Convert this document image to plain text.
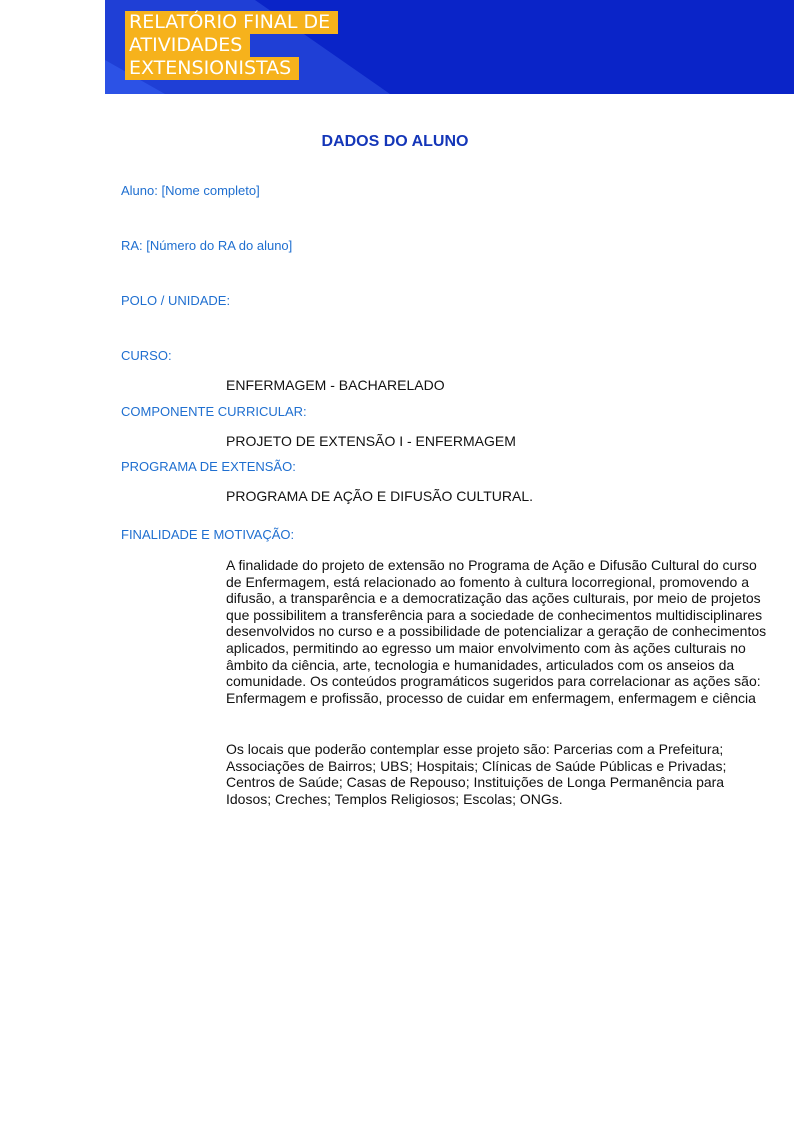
RELATÓRIO FINAL DE
ATIVIDADES
EXTENSIONISTAS
DADOS DO ALUNO
Aluno: [Nome completo]
RA: [Número do RA do aluno]
POLO / UNIDADE:
CURSO:
ENFERMAGEM - BACHARELADO
COMPONENTE CURRICULAR:
PROJETO DE EXTENSÃO I - ENFERMAGEM
PROGRAMA DE EXTENSÃO:
PROGRAMA DE AÇÃO E DIFUSÃO CULTURAL.
FINALIDADE E MOTIVAÇÃO:
A finalidade do projeto de extensão no Programa de Ação e Difusão Cultural do curso de Enfermagem, está relacionado ao fomento à cultura locorregional, promovendo a difusão, a transparência e a democratização das ações culturais, por meio de projetos que possibilitem a transferência para a sociedade de conhecimentos multidisciplinares desenvolvidos no curso e a possibilidade de potencializar a geração de conhecimentos aplicados, permitindo ao egresso um maior envolvimento com às ações culturais no âmbito da ciência, arte, tecnologia e humanidades, articulados com os anseios da comunidade. Os conteúdos programáticos sugeridos para correlacionar as ações são: Enfermagem e profissão, processo de cuidar em enfermagem, enfermagem e ciência
Os locais que poderão contemplar esse projeto são: Parcerias com a Prefeitura; Associações de Bairros; UBS; Hospitais; Clínicas de Saúde Públicas e Privadas; Centros de Saúde; Casas de Repouso; Instituições de Longa Permanência para Idosos; Creches; Templos Religiosos; Escolas; ONGs.
